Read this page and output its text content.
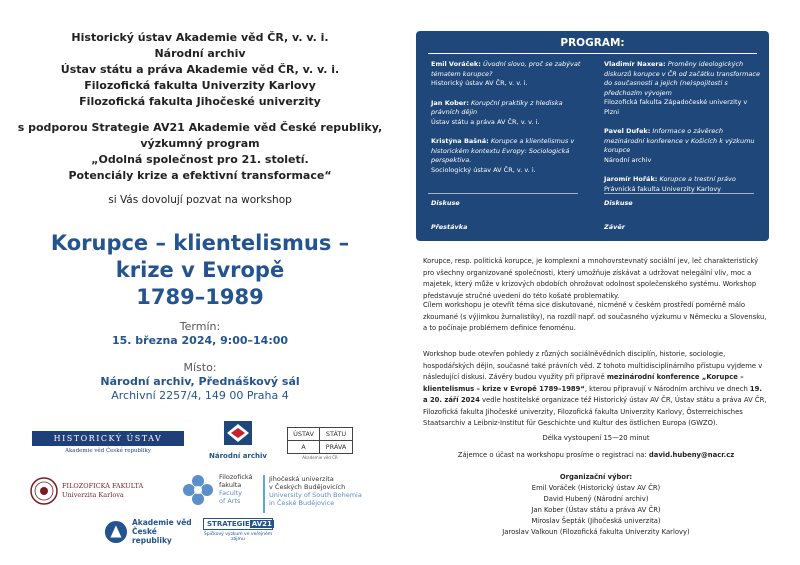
Historický ústav Akademie věd ČR, v. v. i.
Národní archiv
Ústav státu a práva Akademie věd ČR, v. v. i.
Filozofická fakulta Univerzity Karlovy
Filozofická fakulta Jihočeské univerzity
s podporou Strategie AV21 Akademie věd České republiky,
výzkumný program
„Odolná společnost pro 21. století.
Potenciály krize a efektivní transformace“
si Vás dovolují pozvat na workshop
Korupce – klientelismus –
krize v Evropě
1789–1989
Termín:
15. března 2024, 9:00–14:00
Místo:
Národní archiv, Přednáškový sál
Archivní 2257/4, 149 00 Praha 4
HISTORICKÝ ÚSTAV
Akademie věd České republiky
Národní archiv
ÚSTAV	STÁTU
A	PRÁVA
Akademie věd ČR
FILOZOFICKÁ FAKULTA
Univerzita Karlova
Filozofická
fakulta
Faculty
of Arts
Jihočeská univerzita
v Českých Budějovicích
University of South Bohemia
in České Budějovice
Akademie věd
České republiky
STRATEGIE AV21
Špičkový výzkum ve veřejném zájmu
PROGRAM:
Emil Voráček: Úvodní slovo, proč se zabývat tématem korupce?
Historický ústav AV ČR, v. v. i.
Jan Kober: Korupční praktiky z hlediska právních dějin
Ústav státu a práva AV ČR, v. v. i.
Kristýna Bašná: Korupce a klientelismus v historickém kontextu Evropy: Sociologická perspektiva.
Sociologický ústav AV ČR, v. v. i.
Vladimír Naxera: Proměny ideologických diskurzů korupce v ČR od začátku transformace do současnosti a jejich (ne)spojitosti s předchozím vývojem
Filozofická fakulta Západočeské univerzity v Plzni
Pavel Dufek: Informace o závěrech mezinárodní konference v Košicích k výzkumu korupce
Národní archiv
Jaromír Hořák: Korupce a trestní právo
Právnická fakulta Univerzity Karlovy
Diskuse
Přestávka
Diskuse
Závěr
Korupce, resp. politická korupce, je komplexní a mnohovrstevnatý sociální jev, leč charakteristický pro všechny organizované společnosti, který umožňuje získávat a udržovat nelegální vliv, moc a majetek, který může v krizových obdobích ohrožovat odolnost společenského systému. Workshop představuje stručné uvedení do této košaté problematiky.
Cílem workshopu je otevřít téma sice diskutované, nicméně v českém prostředí poměrně málo zkoumané (s výjimkou žurnalistiky), na rozdíl např. od současného výzkumu v Německu a Slovensku, a to počínaje problémem definice fenoménu.
Workshop bude otevřen pohledy z různých sociálněvědních disciplín, historie, sociologie, hospodářských dějin, současné také právních věd. Z tohoto multidisciplinárního přístupu vyjdeme v následující diskusi. Závěry budou využity při přípravě mezinárodní konference „Korupce – klientelismus – krize v Evropě 1789–1989“, kterou připravují v Národním archivu ve dnech 19. a 20. září 2024 vedle hostitelské organizace též Historický ústav AV ČR, Ústav státu a práva AV ČR, Filozofická fakulta Jihočeské univerzity, Filozofická fakulta Univerzity Karlovy, Österreichisches Staatsarchiv a Leibniz-Institut für Geschichte und Kultur des östlichen Europa (GWZO).
Délka vystoupení 15—20 minut
Zájemce o účast na workshopu prosíme o registraci na: david.hubeny@nacr.cz
Organizační výbor:
Emil Voráček (Historický ústav AV ČR)
David Hubený (Národní archiv)
Jan Kober (Ústav státu a práva AV ČR)
Miroslav Šepták (Jihočeská univerzita)
Jaroslav Valkoun (Filozofická fakulta Univerzity Karlovy)
